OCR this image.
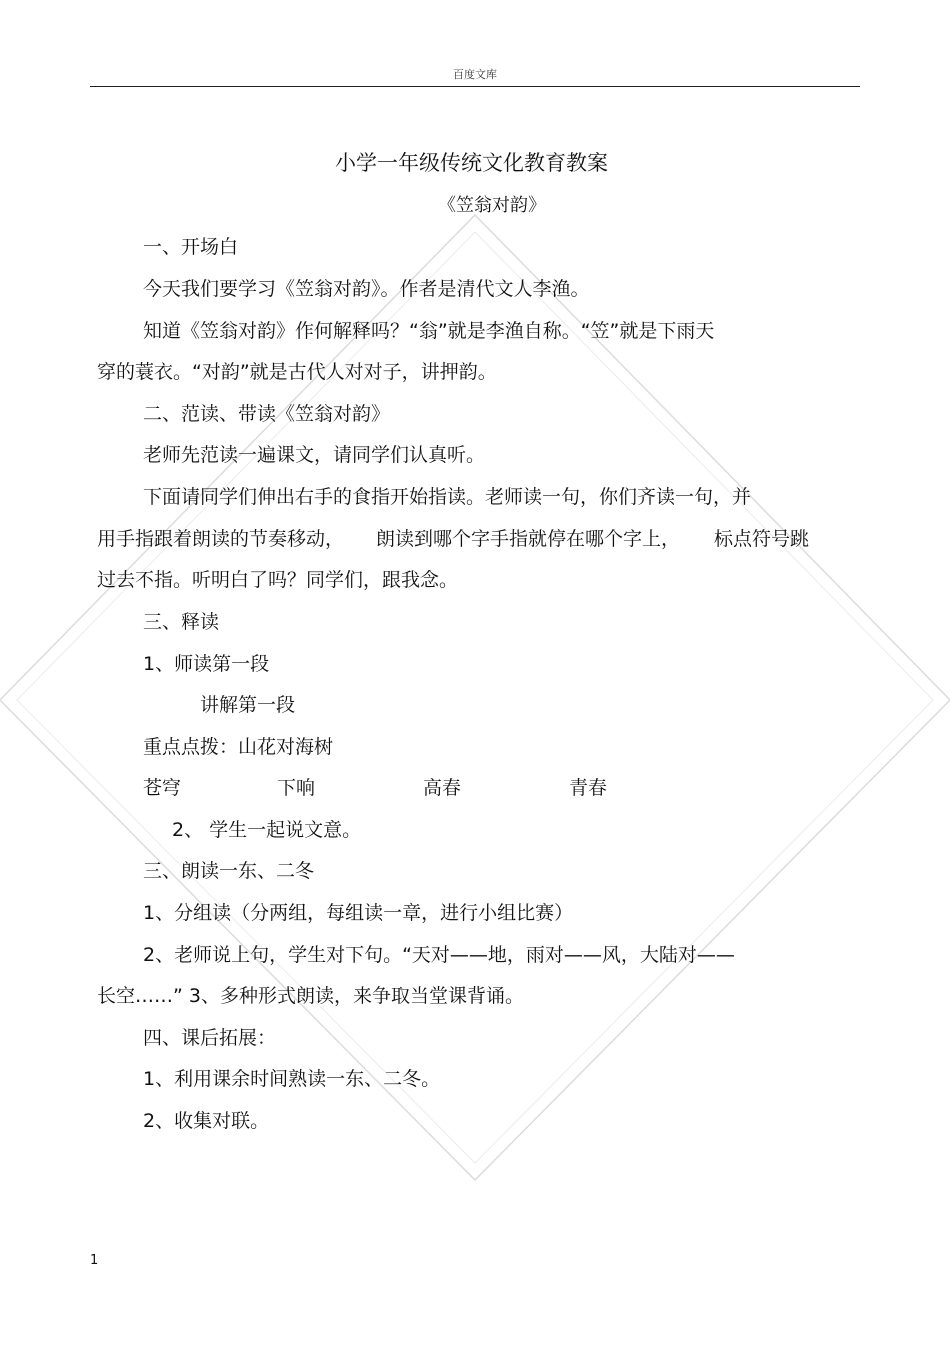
百度文库
小学一年级传统文化教育教案
《笠翁对韵》
一、开场白
今天我们要学习《笠翁对韵》。作者是清代文人李渔。
知道《笠翁对韵》作何解释吗？“翁”就是李渔自称。“笠”就是下雨天
穿的蓑衣。“对韵”就是古代人对对子，讲押韵。
二、范读、带读《笠翁对韵》
老师先范读一遍课文，请同学们认真听。
下面请同学们伸出右手的食指开始指读。老师读一句，你们齐读一句，并
用手指跟着朗读的节奏移动， 朗读到哪个字手指就停在哪个字上， 标点符号跳
过去不指。听明白了吗？同学们，跟我念。
三、释读
1、师读第一段
讲解第一段
重点点拨：山花对海树
苍穹	下响	高春	青春
2、 学生一起说文意。
三、朗读一东、二冬
1、分组读（分两组，每组读一章，进行小组比赛）
2、老师说上句，学生对下句。“天对——地，雨对——风，大陆对——
长空……” 3、多种形式朗读，来争取当堂课背诵。
四、课后拓展：
1、利用课余时间熟读一东、二冬。
2、收集对联。
1
